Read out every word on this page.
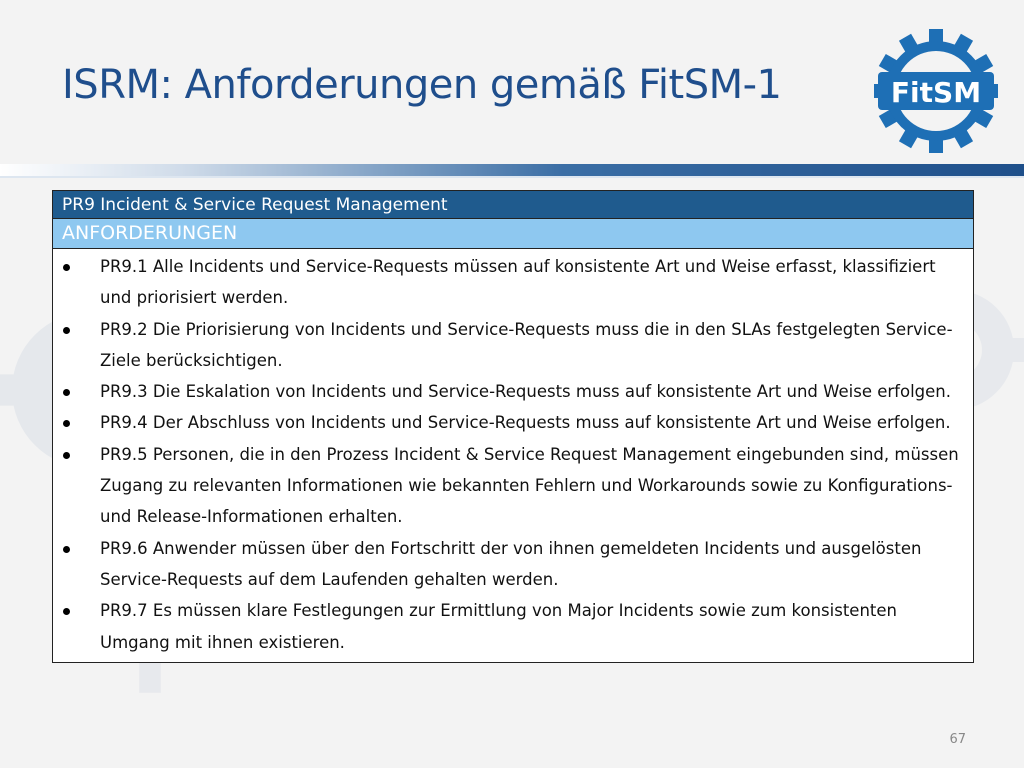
ISRM: Anforderungen gemäß FitSM-1	FitSM
PR9 Incident & Service Request Management
ANFORDERUNGEN
PR9.1 Alle Incidents und Service-Requests müssen auf konsistente Art und Weise erfasst, klassifiziert und priorisiert werden.
PR9.2 Die Priorisierung von Incidents und Service-Requests muss die in den SLAs festgelegten Service-Ziele berücksichtigen.
PR9.3 Die Eskalation von Incidents und Service-Requests muss auf konsistente Art und Weise erfolgen.
PR9.4 Der Abschluss von Incidents und Service-Requests muss auf konsistente Art und Weise erfolgen.
PR9.5 Personen, die in den Prozess Incident & Service Request Management eingebunden sind, müssen Zugang zu relevanten Informationen wie bekannten Fehlern und Workarounds sowie zu Konfigurations- und Release-Informationen erhalten.
PR9.6 Anwender müssen über den Fortschritt der von ihnen gemeldeten Incidents und ausgelösten Service-Requests auf dem Laufenden gehalten werden.
PR9.7 Es müssen klare Festlegungen zur Ermittlung von Major Incidents sowie zum konsistenten Umgang mit ihnen existieren.
67
